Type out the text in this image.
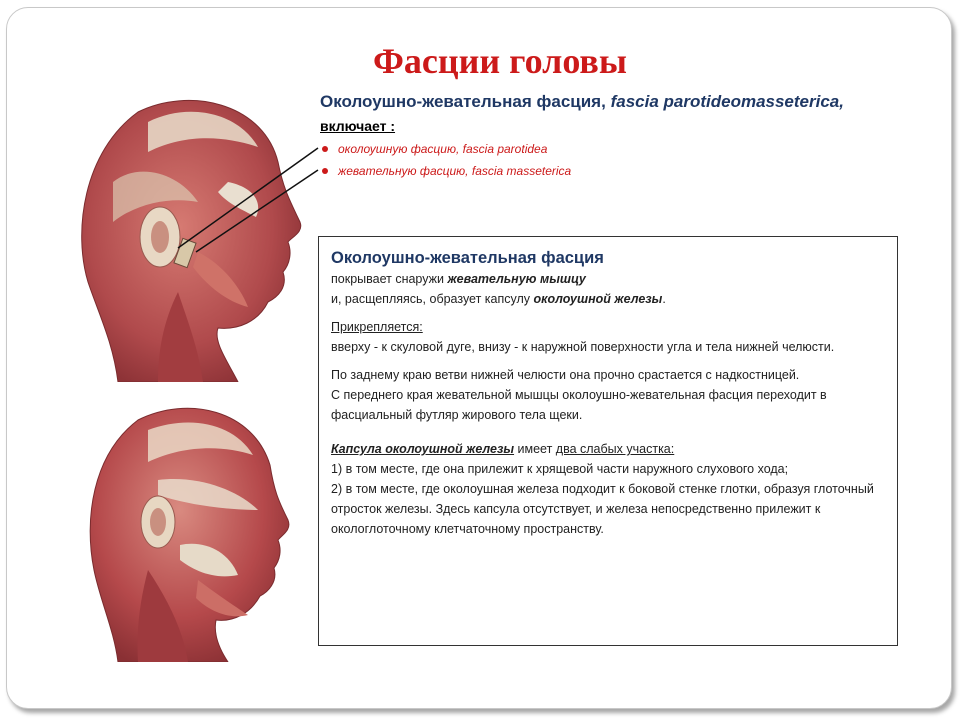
Фасции головы
Околоушно-жевательная фасция, fascia parotideomasseterica,
включает :
околоушную фасцию, fascia parotidea
жевательную фасцию, fascia masseterica
Околоушно-жевательная фасция

покрывает снаружи жевательную мышцу
и, расщепляясь, образует капсулу околоушной железы.

Прикрепляется:

вверху - к скуловой дуге, внизу - к наружной поверхности угла и тела нижней челюсти.

По заднему краю ветви нижней челюсти она прочно срастается с надкостницей.

С переднего края жевательной мышцы околоушно-жевательная фасция переходит в фасциальный футляр жирового тела щеки.

Капсула околоушной железы имеет два слабых участка:

1) в том месте, где она прилежит к хрящевой части наружного слухового хода;

2) в том месте, где околоушная железа подходит к боковой стенке глотки, образуя глоточный отросток железы. Здесь капсула отсутствует, и железа непосредственно прилежит к окологлоточному клетчаточному пространству.
